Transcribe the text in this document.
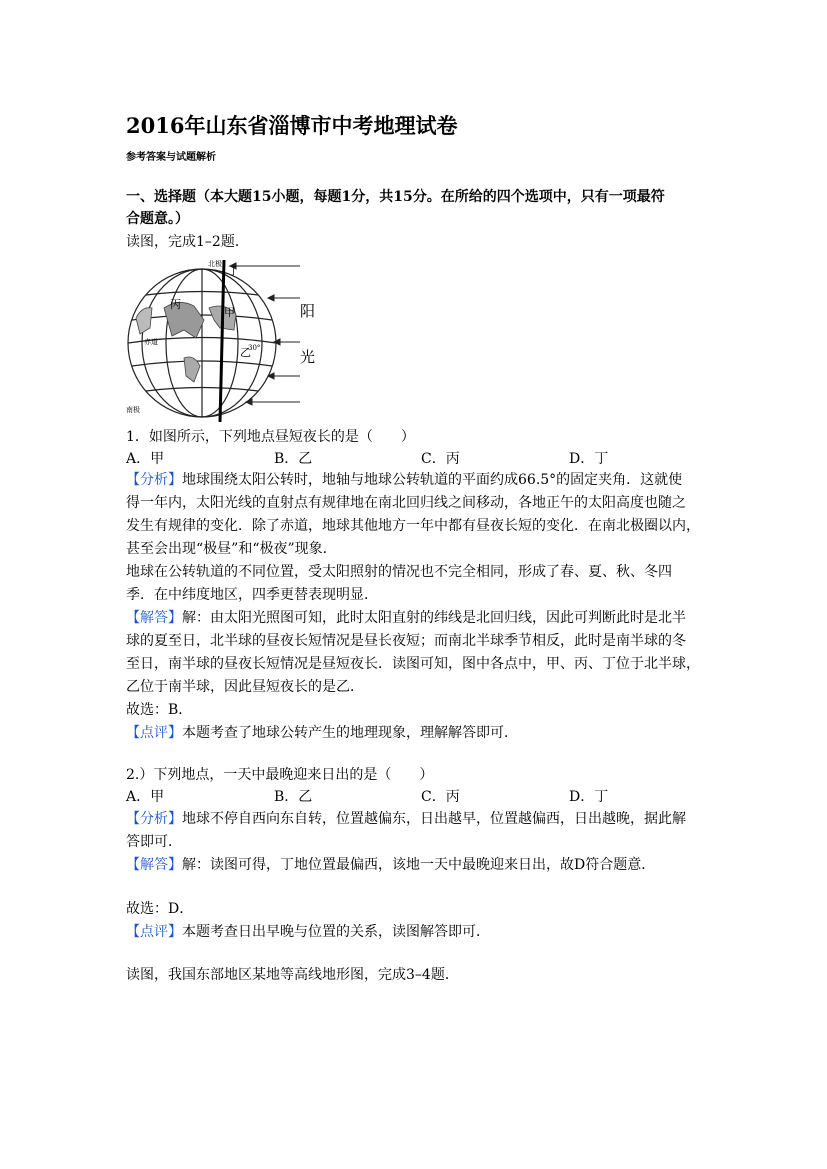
2016年山东省淄博市中考地理试卷
参考答案与试题解析
一、选择题（本大题15小题，每题1分，共15分。在所给的四个选项中，只有一项最符
合题意。）
读图，完成1–2题．
北极
南极
丙
甲
乙
丁
赤道
30°
阳
光
1．如图所示，下列地点昼短夜长的是（　　）
A．甲	B．乙	C．丙	D．丁
【分析】地球围绕太阳公转时，地轴与地球公转轨道的平面约成66.5°的固定夹角．这就使
得一年内，太阳光线的直射点有规律地在南北回归线之间移动，各地正午的太阳高度也随之
发生有规律的变化．除了赤道，地球其他地方一年中都有昼夜长短的变化．在南北极圈以内，
甚至会出现“极昼”和“极夜”现象．
地球在公转轨道的不同位置，受太阳照射的情况也不完全相同，形成了春、夏、秋、冬四
季．在中纬度地区，四季更替表现明显．
【解答】解：由太阳光照图可知，此时太阳直射的纬线是北回归线，因此可判断此时是北半
球的夏至日，北半球的昼夜长短情况是昼长夜短；而南北半球季节相反，此时是南半球的冬
至日，南半球的昼夜长短情况是昼短夜长．读图可知，图中各点中，甲、丙、丁位于北半球，
乙位于南半球，因此昼短夜长的是乙．
故选：B．
【点评】本题考查了地球公转产生的地理现象，理解解答即可．
2.）下列地点，一天中最晚迎来日出的是（　　）
A．甲	B．乙	C．丙	D．丁
【分析】地球不停自西向东自转，位置越偏东，日出越早，位置越偏西，日出越晚，据此解
答即可．
【解答】解：读图可得，丁地位置最偏西，该地一天中最晚迎来日出，故D符合题意．
故选：D．
【点评】本题考查日出早晚与位置的关系，读图解答即可．
读图，我国东部地区某地等高线地形图，完成3–4题．
